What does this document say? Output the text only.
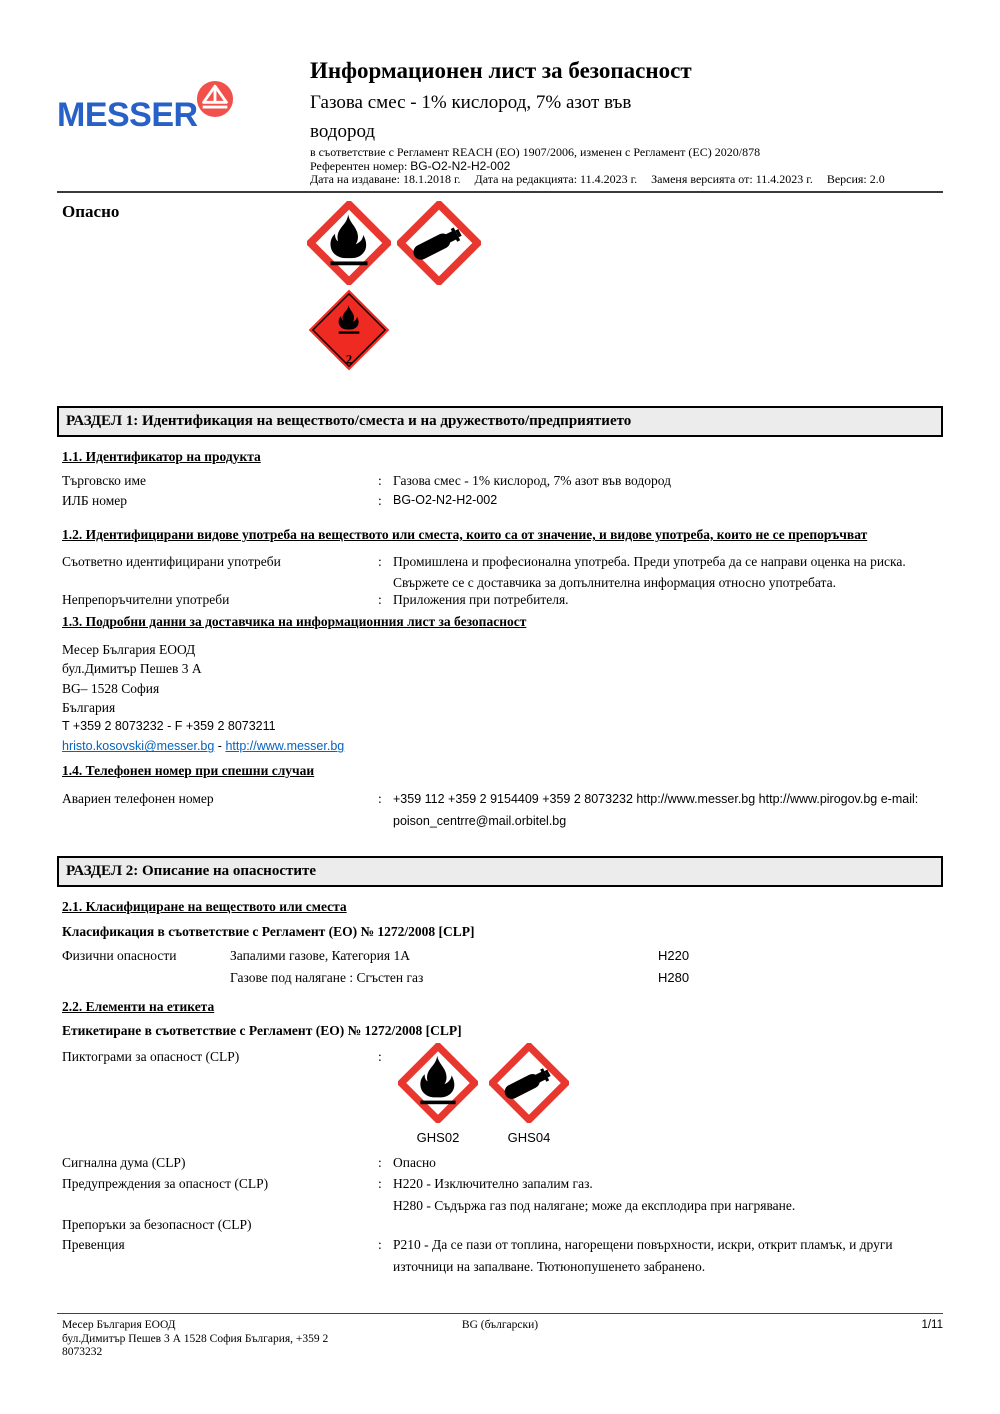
MESSER
Информационен лист за безопасност
Газова смес - 1% кислород, 7% азот във
водород
в съответствие с Регламент REACH (ЕО) 1907/2006, изменен с Регламент (ЕС) 2020/878
Референтен номер: BG-O2-N2-H2-002
Дата на издаване: 18.1.2018 г. Дата на редакцията: 11.4.2023 г. Заменя версията от: 11.4.2023 г. Версия: 2.0
Опасно
2
РАЗДЕЛ 1: Идентификация на веществото/сместа и на дружеството/предприятието
1.1. Идентификатор на продукта
Търговско име	: Газова смес - 1% кислород, 7% азот във водород
ИЛБ номер	: BG-O2-N2-H2-002
1.2. Идентифицирани видове употреба на веществото или сместа, които са от значение, и видове употреба, които не се препоръчват
Съответно идентифицирани употреби	: Промишлена и професионална употреба. Преди употреба да се направи оценка на риска.
Свържете се с доставчика за допълнителна информация относно употребата.
Непрепоръчителни употреби	: Приложения при потребителя.
1.3. Подробни данни за доставчика на информационния лист за безопасност
Месер България ЕООД
бул.Димитър Пешев 3 А
BG– 1528 София
България
T +359 2 8073232 - F +359 2 8073211
hristo.kosovski@messer.bg - http://www.messer.bg
1.4. Телефонен номер при спешни случаи
Авариен телефонен номер	: +359 112 +359 2 9154409 +359 2 8073232 http://www.messer.bg http://www.pirogov.bg e-mail:
poison_centrre@mail.orbitel.bg
РАЗДЕЛ 2: Описание на опасностите
2.1. Класифициране на веществото или сместа
Класификация в съответствие с Регламент (ЕО) № 1272/2008 [CLP]
Физични опасности	Запалими газове, Категория 1А	H220
Газове под налягане : Сгъстен газ	H280
2.2. Елементи на етикета
Етикетиране в съответствие с Регламент (ЕО) № 1272/2008 [CLP]
Пиктограми за опасност (CLP)	:
GHS02	GHS04
Сигнална дума (CLP)	: Опасно
Предупреждения за опасност (CLP)	: H220 - Изключително запалим газ.
H280 - Съдържа газ под налягане; може да експлодира при нагряване.
Препоръки за безопасност (CLP)
Превенция	: P210 - Да се пази от топлина, нагорещени повърхности, искри, открит пламък, и други
източници на запалване. Тютюнопушенето забранено.
Месер България ЕООД
бул.Димитър Пешев 3 А 1528 София България, +359 2
8073232
BG (български)	1/11
